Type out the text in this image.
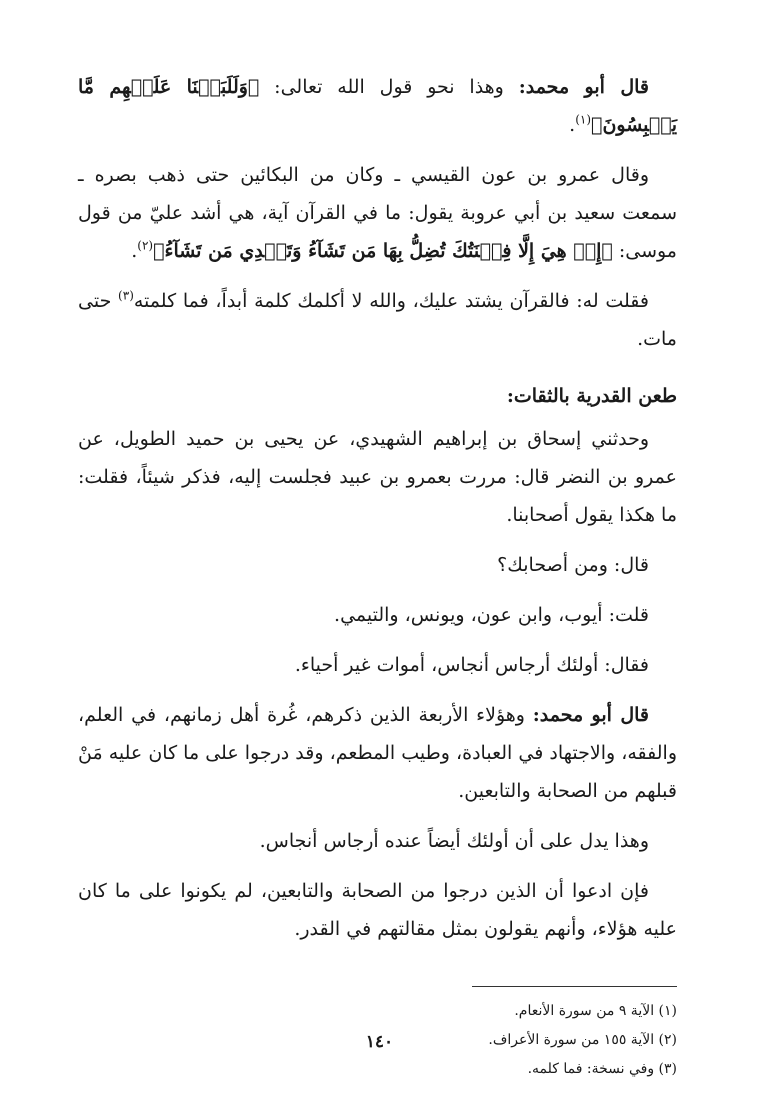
قال أبو محمد: وهذا نحو قول الله تعالى: ﴿وَلَلَبَسۡنَا عَلَيۡهِم مَّا يَلۡبِسُونَ﴾$^{(١)}$.

وقال عمرو بن عون القيسي ـ وكان من البكائين حتى ذهب بصره ـ سمعت سعيد بن أبي عروبة يقول: ما في القرآن آية، هي أشد عليّ من قول موسى: ﴿إِنۡ هِيَ إِلَّا فِتۡنَتُكَ تُضِلُّ بِهَا مَن تَشَآءُ وَتَهۡدِي مَن تَشَآءُ﴾$^{(٢)}$.

فقلت له: فالقرآن يشتد عليك، والله لا أكلمك كلمة أبداً، فما كلمته$^{(٣)}$ حتى مات.

طعن القدرية بالثقات:

وحدثني إسحاق بن إبراهيم الشهيدي، عن يحيى بن حميد الطويل، عن عمرو بن النضر قال: مررت بعمرو بن عبيد فجلست إليه، فذكر شيئاً، فقلت: ما هكذا يقول أصحابنا.

قال: ومن أصحابك؟

قلت: أيوب، وابن عون، ويونس، والتيمي.

فقال: أولئك أرجاس أنجاس، أموات غير أحياء.

قال أبو محمد: وهؤلاء الأربعة الذين ذكرهم، غُرة أهل زمانهم، في العلم، والفقه، والاجتهاد في العبادة، وطيب المطعم، وقد درجوا على ما كان عليه مَنْ قبلهم من الصحابة والتابعين.

وهذا يدل على أن أولئك أيضاً عنده أرجاس أنجاس.

فإن ادعوا أن الذين درجوا من الصحابة والتابعين، لم يكونوا على ما كان عليه هؤلاء، وأنهم يقولون بمثل مقالتهم في القدر.

(١) الآية ٩ من سورة الأنعام.

(٢) الآية ١٥٥ من سورة الأعراف.

(٣) وفي نسخة: فما كلمه.

١٤٠
